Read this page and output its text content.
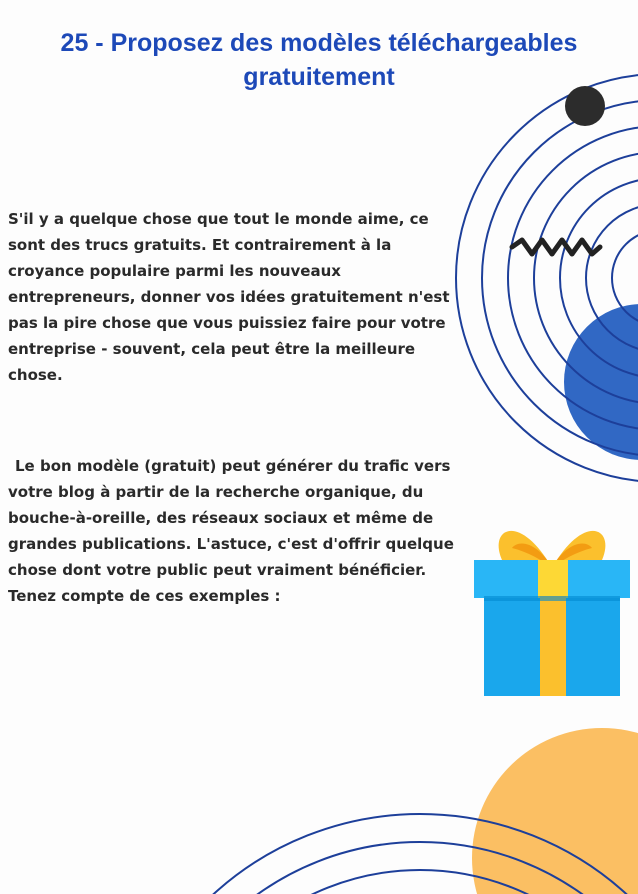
25 - Proposez des modèles téléchargeables gratuitement

S'il y a quelque chose que tout le monde aime, ce sont des trucs gratuits. Et contrairement à la croyance populaire parmi les nouveaux entrepreneurs, donner vos idées gratuitement n'est pas la pire chose que vous puissiez faire pour votre entreprise - souvent, cela peut être la meilleure chose.

Le bon modèle (gratuit) peut générer du trafic vers votre blog à partir de la recherche organique, du bouche-à-oreille, des réseaux sociaux et même de grandes publications. L'astuce, c'est d'offrir quelque chose dont votre public peut vraiment bénéficier. Tenez compte de ces exemples :
